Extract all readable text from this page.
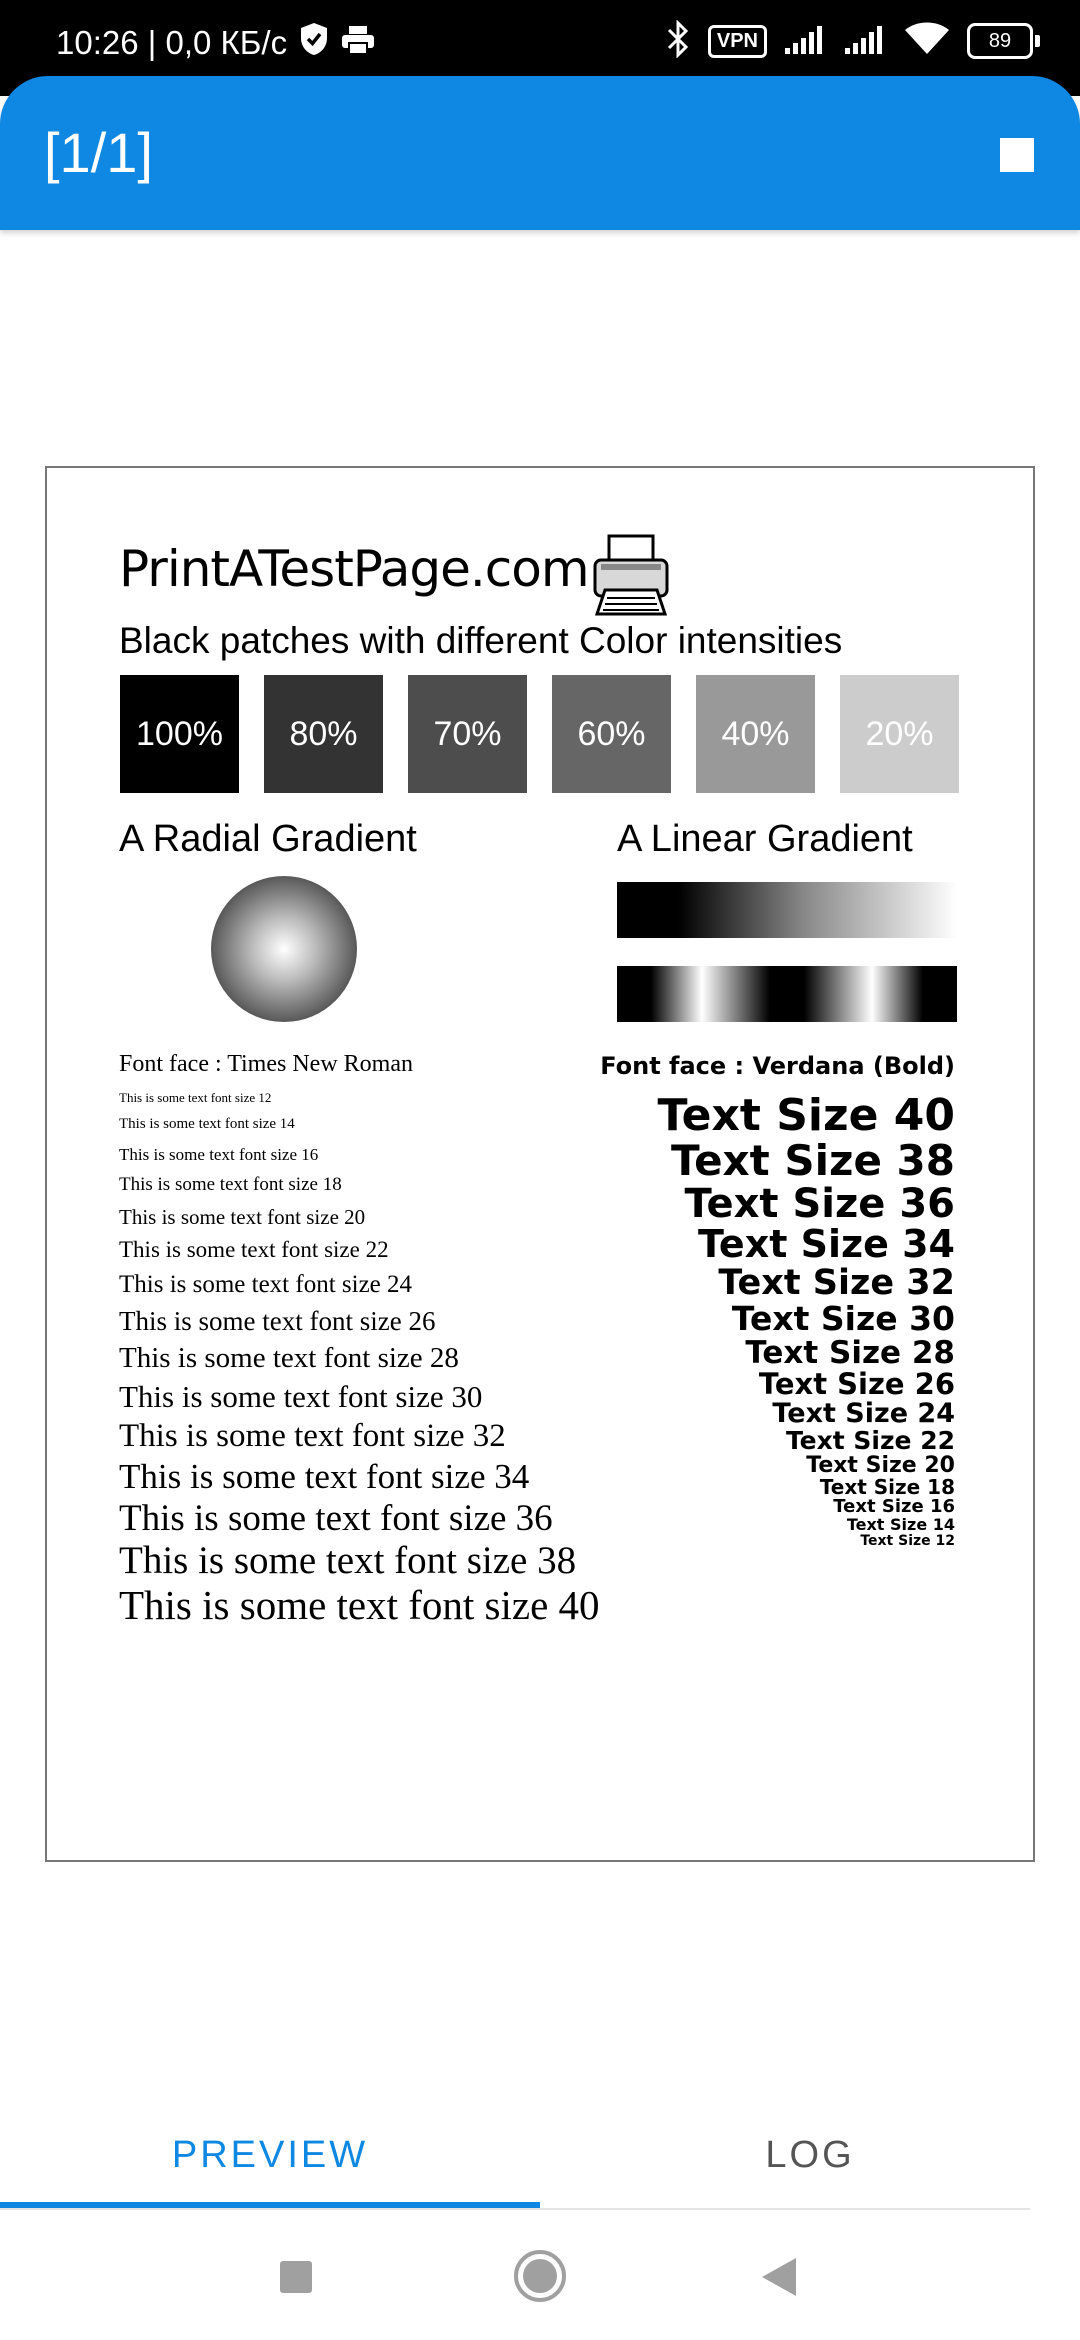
10:26 | 0,0 КБ/с	VPN	89
[1/1]
PrintATestPage.com
Black patches with different Color intensities
100% 80% 70% 60% 40% 20%
A Radial Gradient	A Linear Gradient
Font face : Times New Roman
This is some text font size 12
This is some text font size 14
This is some text font size 16
This is some text font size 18
This is some text font size 20
This is some text font size 22
This is some text font size 24
This is some text font size 26
This is some text font size 28
This is some text font size 30
This is some text font size 32
This is some text font size 34
This is some text font size 36
This is some text font size 38
This is some text font size 40
Font face : Verdana (Bold)
Text Size 40
Text Size 38
Text Size 36
Text Size 34
Text Size 32
Text Size 30
Text Size 28
Text Size 26
Text Size 24
Text Size 22
Text Size 20
Text Size 18
Text Size 16
Text Size 14
Text Size 12
PREVIEW	LOG
